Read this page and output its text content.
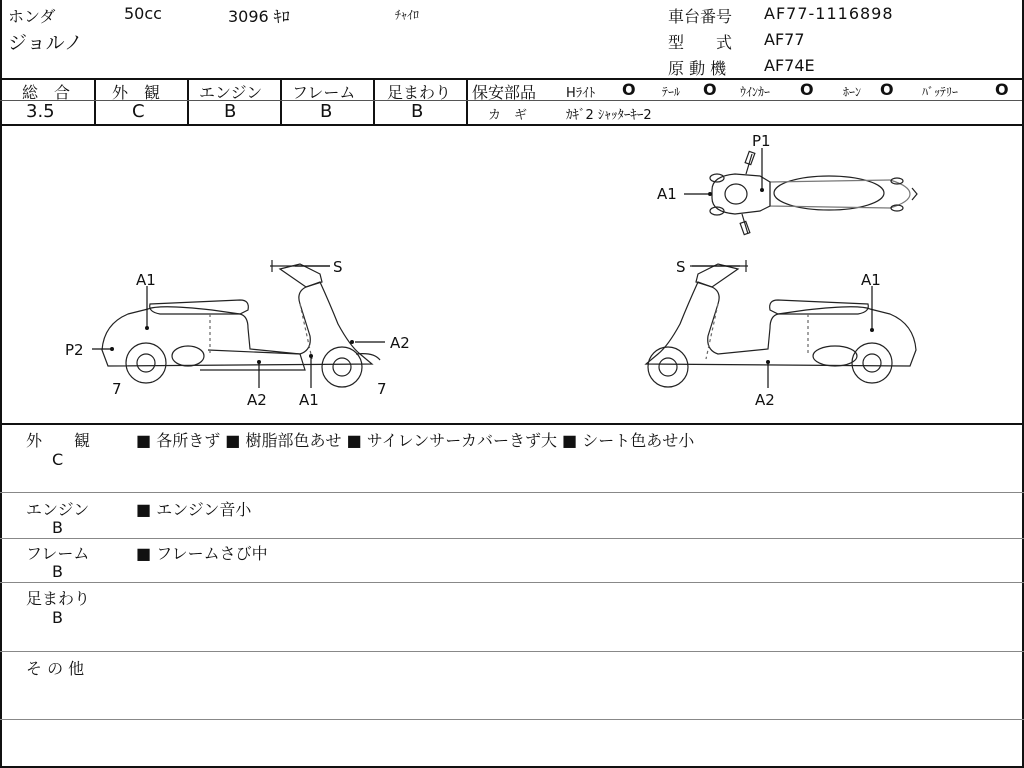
ホンダ	50cc	3096 ｷﾛ	ﾁｬｲﾛ
ジョルノ
車台番号 AF77-1116898
型　　式 AF77
原 動 機 AF74E
総　合
3.5
外　観
C
エンジン
B
フレーム
B
足まわり
B
保安部品 Hﾗｲﾄ O ﾃｰﾙ O ｳｲﾝｶｰ O ﾎｰﾝ O ﾊﾞｯﾃﾘｰ O
カ　ギ	ｶｷﾞ2 ｼｬｯﾀｰｷｰ2
P1
A1
A1
S
P2	A2
7
A2 A1
7
S
A1
A2
外　　観
C
■ 各所きず ■ 樹脂部色あせ ■ サイレンサーカバーきず大 ■ シート色あせ小
エンジン
B
■ エンジン音小
フレーム
B
■ フレームさび中
足まわり
B
そ の 他
